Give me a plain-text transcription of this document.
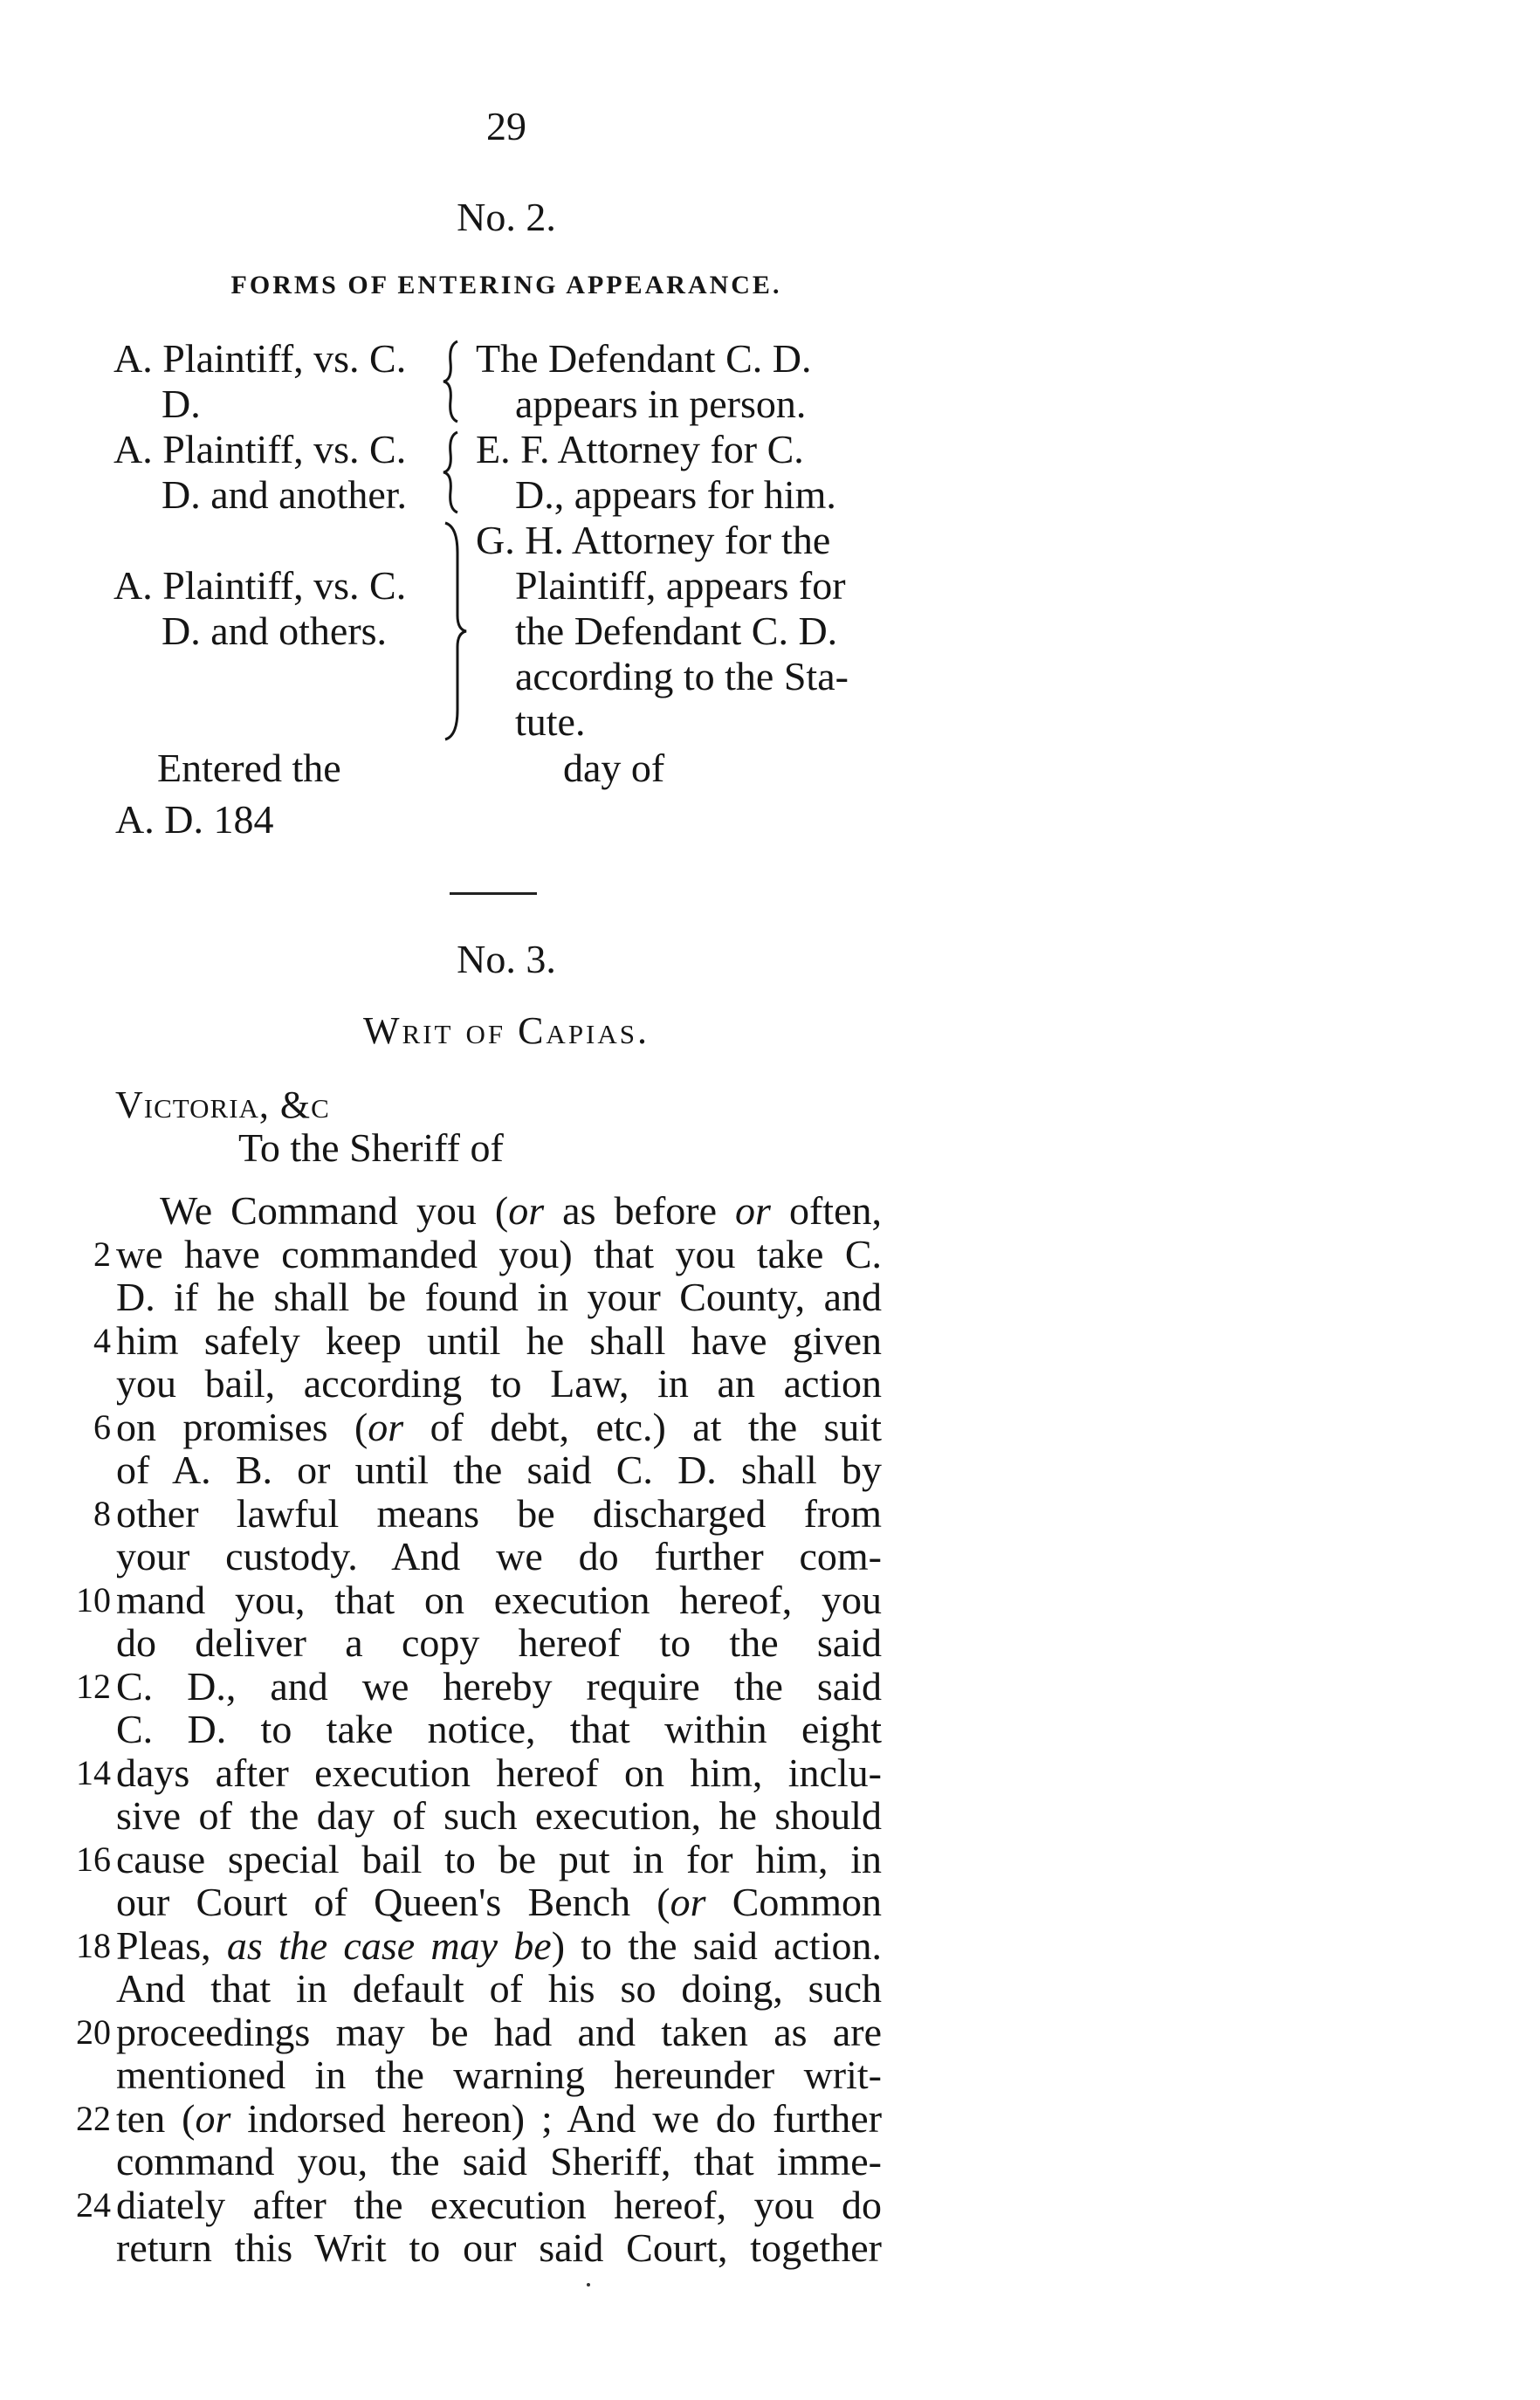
29
No. 2.
FORMS OF ENTERING APPEARANCE.
A. Plaintiff, vs. C.
D.
The Defendant C. D.
appears in person.
A. Plaintiff, vs. C.
D. and another.
E. F. Attorney for C.
D., appears for him.
A. Plaintiff, vs. C.
D. and others.
G. H. Attorney for the
Plaintiff, appears for
the Defendant C. D.
according to the Sta-
tute.
Entered the	day of
A. D. 184
No. 3.
Writ of Capias.
Victoria, &c
To the Sheriff of
We Command you (or as before or often,
2 we have commanded you) that you take C.
D. if he shall be found in your County, and
4 him safely keep until he shall have given
you bail, according to Law, in an action
6 on promises (or of debt, etc.) at the suit
of A. B. or until the said C. D. shall by
8 other lawful means be discharged from
your custody. And we do further com-
10 mand you, that on execution hereof, you
do deliver a copy hereof to the said
12 C. D., and we hereby require the said
C. D. to take notice, that within eight
14 days after execution hereof on him, inclu-
sive of the day of such execution, he should
16 cause special bail to be put in for him, in
our Court of Queen's Bench (or Common
18 Pleas, as the case may be) to the said action.
And that in default of his so doing, such
20 proceedings may be had and taken as are
mentioned in the warning hereunder writ-
22 ten (or indorsed hereon) ; And we do further
command you, the said Sheriff, that imme-
24 diately after the execution hereof, you do
return this Writ to our said Court, together
